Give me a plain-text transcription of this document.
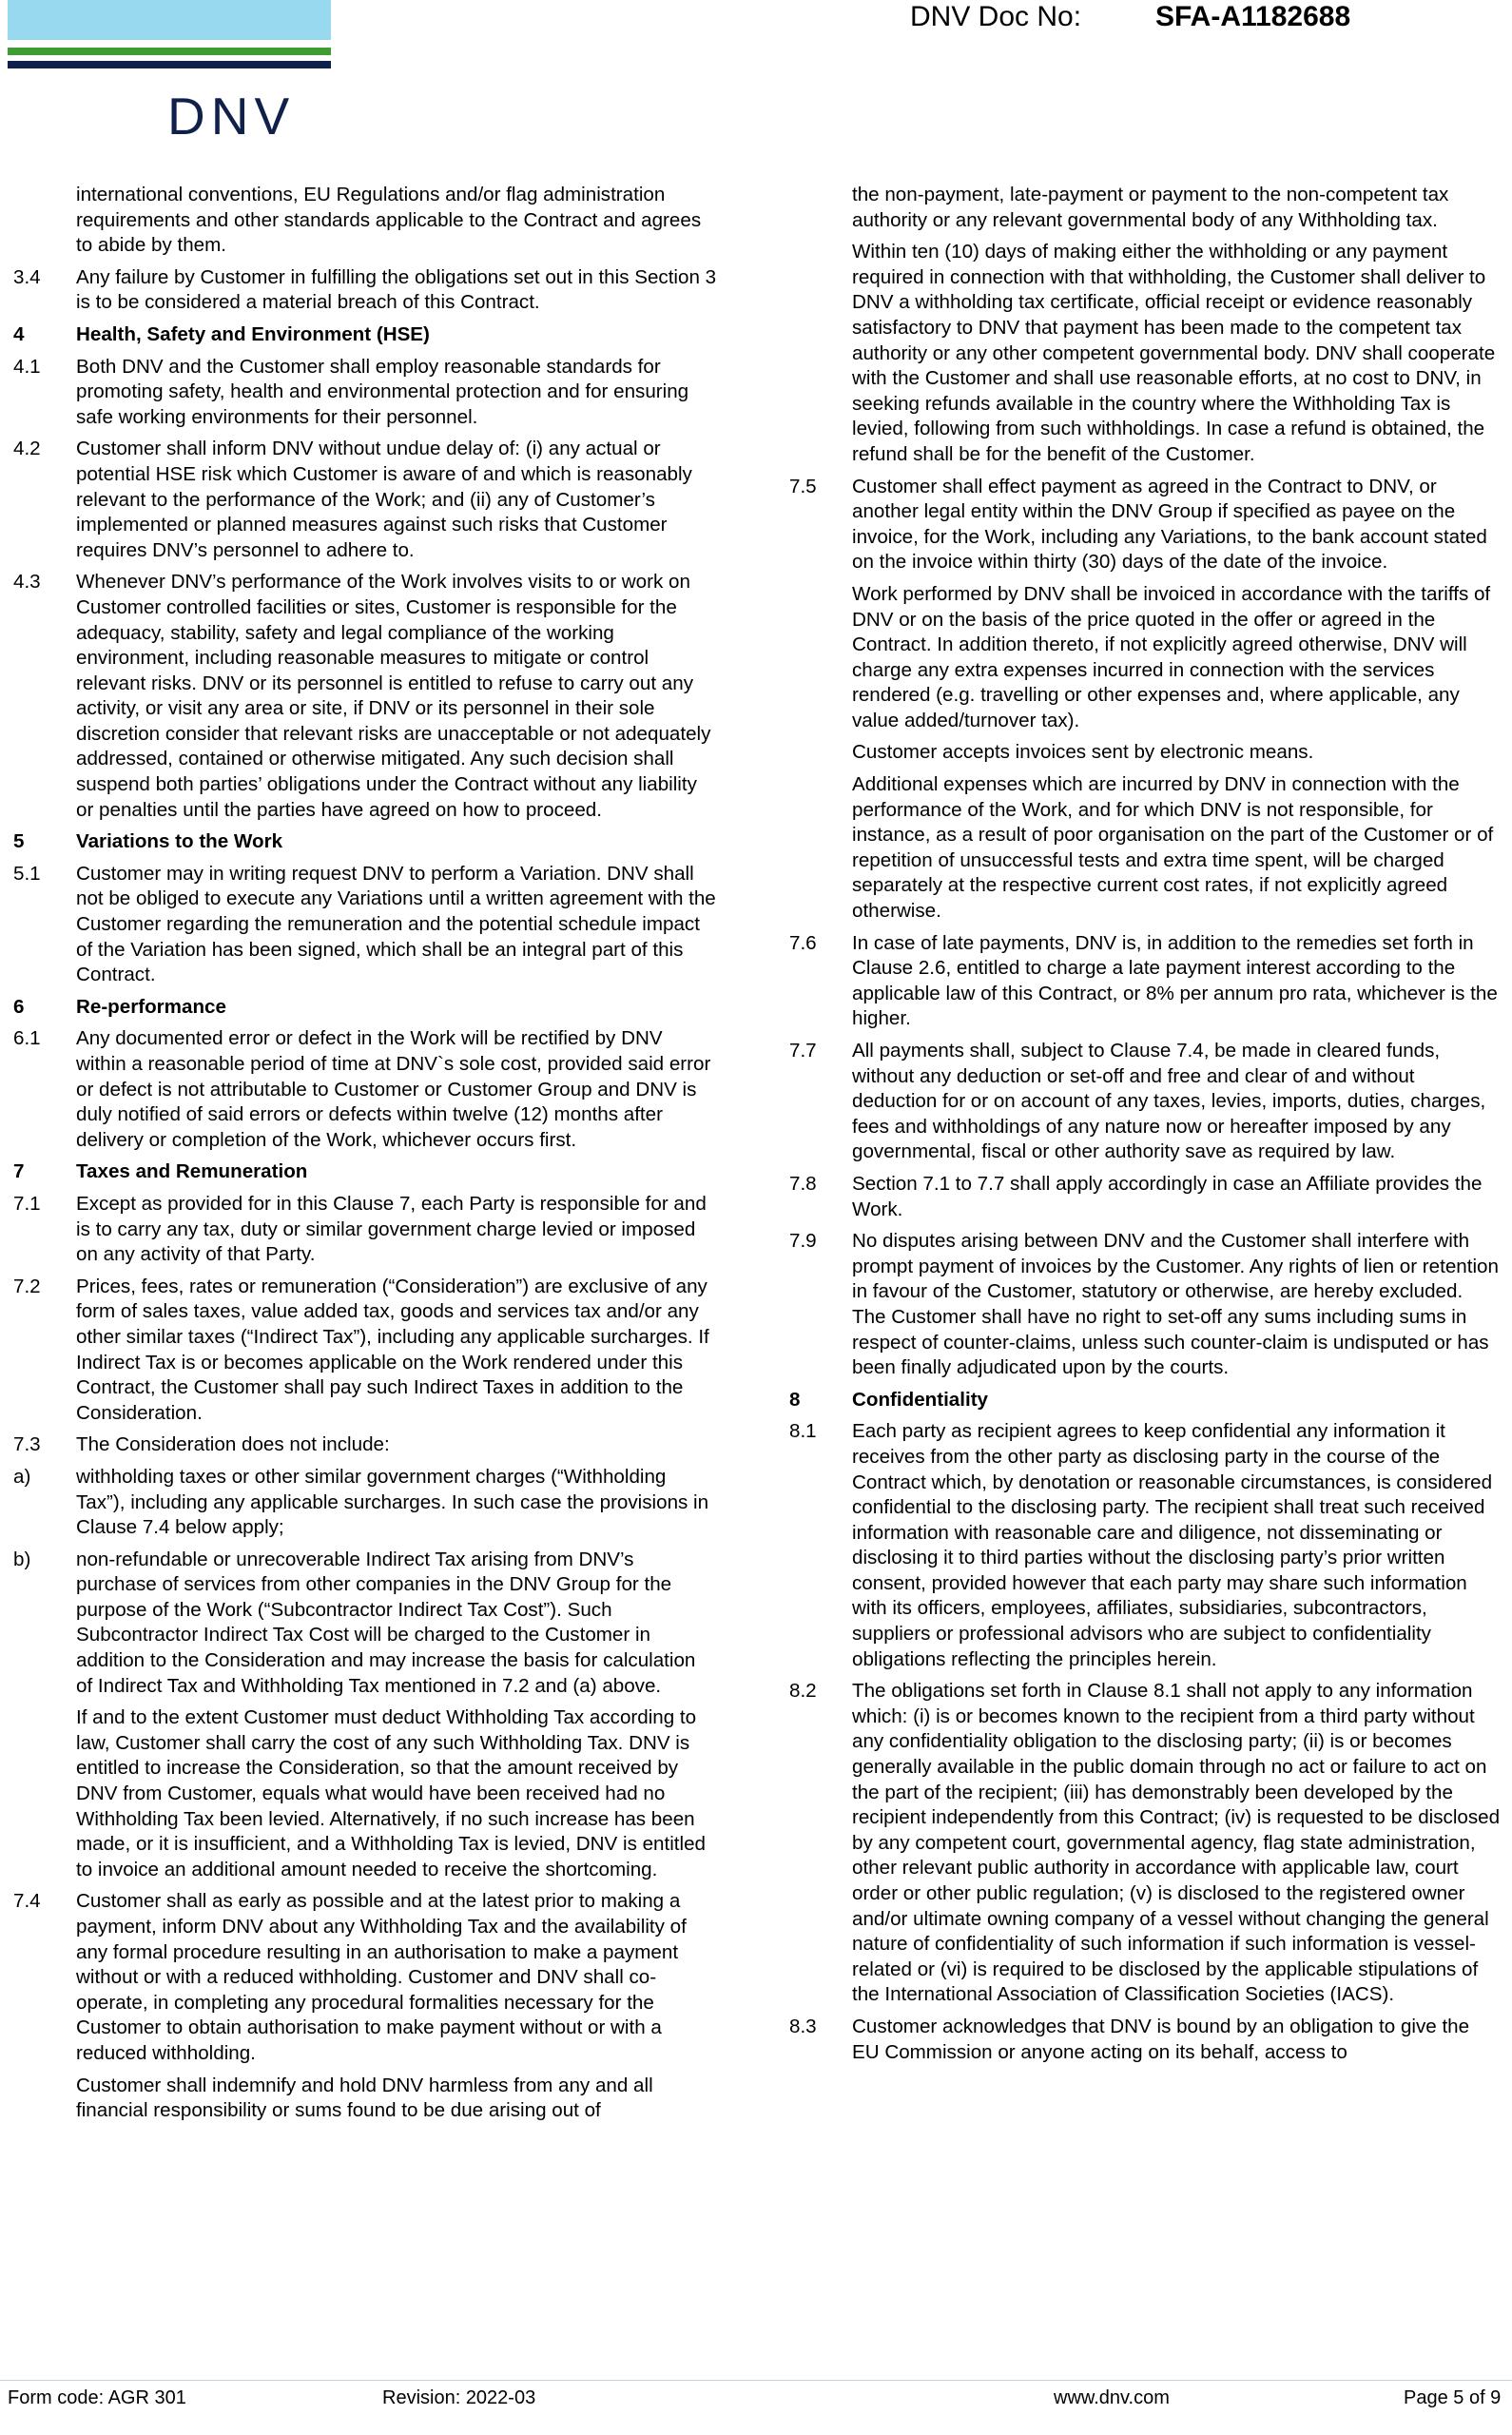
DNV
DNV Doc No:	SFA-A1182688
international conventions, EU Regulations and/or flag administration requirements and other standards applicable to the Contract and agrees to abide by them.
3.4 Any failure by Customer in fulfilling the obligations set out in this Section 3 is to be considered a material breach of this Contract.
4	Health, Safety and Environment (HSE)
4.1 Both DNV and the Customer shall employ reasonable standards for promoting safety, health and environmental protection and for ensuring safe working environments for their personnel.
4.2 Customer shall inform DNV without undue delay of: (i) any actual or potential HSE risk which Customer is aware of and which is reasonably relevant to the performance of the Work; and (ii) any of Customer’s implemented or planned measures against such risks that Customer requires DNV’s personnel to adhere to.
4.3 Whenever DNV’s performance of the Work involves visits to or work on Customer controlled facilities or sites, Customer is responsible for the adequacy, stability, safety and legal compliance of the working environment, including reasonable measures to mitigate or control relevant risks. DNV or its personnel is entitled to refuse to carry out any activity, or visit any area or site, if DNV or its personnel in their sole discretion consider that relevant risks are unacceptable or not adequately addressed, contained or otherwise mitigated. Any such decision shall suspend both parties’ obligations under the Contract without any liability or penalties until the parties have agreed on how to proceed.
5	Variations to the Work
5.1 Customer may in writing request DNV to perform a Variation. DNV shall not be obliged to execute any Variations until a written agreement with the Customer regarding the remuneration and the potential schedule impact of the Variation has been signed, which shall be an integral part of this Contract.
6	Re-performance
6.1 Any documented error or defect in the Work will be rectified by DNV within a reasonable period of time at DNV`s sole cost, provided said error or defect is not attributable to Customer or Customer Group and DNV is duly notified of said errors or defects within twelve (12) months after delivery or completion of the Work, whichever occurs first.
7	Taxes and Remuneration
7.1 Except as provided for in this Clause 7, each Party is responsible for and is to carry any tax, duty or similar government charge levied or imposed on any activity of that Party.
7.2 Prices, fees, rates or remuneration (“Consideration”) are exclusive of any form of sales taxes, value added tax, goods and services tax and/or any other similar taxes (“Indirect Tax”), including any applicable surcharges. If Indirect Tax is or becomes applicable on the Work rendered under this Contract, the Customer shall pay such Indirect Taxes in addition to the Consideration.
7.3 The Consideration does not include:
a) withholding taxes or other similar government charges (“Withholding Tax”), including any applicable surcharges. In such case the provisions in Clause 7.4 below apply;
b) non-refundable or unrecoverable Indirect Tax arising from DNV’s purchase of services from other companies in the DNV Group for the purpose of the Work (“Subcontractor Indirect Tax Cost”). Such Subcontractor Indirect Tax Cost will be charged to the Customer in addition to the Consideration and may increase the basis for calculation of Indirect Tax and Withholding Tax mentioned in 7.2 and (a) above.
If and to the extent Customer must deduct Withholding Tax according to law, Customer shall carry the cost of any such Withholding Tax. DNV is entitled to increase the Consideration, so that the amount received by DNV from Customer, equals what would have been received had no Withholding Tax been levied. Alternatively, if no such increase has been made, or it is insufficient, and a Withholding Tax is levied, DNV is entitled to invoice an additional amount needed to receive the shortcoming.
7.4 Customer shall as early as possible and at the latest prior to making a payment, inform DNV about any Withholding Tax and the availability of any formal procedure resulting in an authorisation to make a payment without or with a reduced withholding. Customer and DNV shall co-operate, in completing any procedural formalities necessary for the Customer to obtain authorisation to make payment without or with a reduced withholding.
Customer shall indemnify and hold DNV harmless from any and all financial responsibility or sums found to be due arising out of
the non-payment, late-payment or payment to the non-competent tax authority or any relevant governmental body of any Withholding tax.
Within ten (10) days of making either the withholding or any payment required in connection with that withholding, the Customer shall deliver to DNV a withholding tax certificate, official receipt or evidence reasonably satisfactory to DNV that payment has been made to the competent tax authority or any other competent governmental body. DNV shall cooperate with the Customer and shall use reasonable efforts, at no cost to DNV, in seeking refunds available in the country where the Withholding Tax is levied, following from such withholdings. In case a refund is obtained, the refund shall be for the benefit of the Customer.
7.5 Customer shall effect payment as agreed in the Contract to DNV, or another legal entity within the DNV Group if specified as payee on the invoice, for the Work, including any Variations, to the bank account stated on the invoice within thirty (30) days of the date of the invoice.
Work performed by DNV shall be invoiced in accordance with the tariffs of DNV or on the basis of the price quoted in the offer or agreed in the Contract. In addition thereto, if not explicitly agreed otherwise, DNV will charge any extra expenses incurred in connection with the services rendered (e.g. travelling or other expenses and, where applicable, any value added/turnover tax).
Customer accepts invoices sent by electronic means.
Additional expenses which are incurred by DNV in connection with the performance of the Work, and for which DNV is not responsible, for instance, as a result of poor organisation on the part of the Customer or of repetition of unsuccessful tests and extra time spent, will be charged separately at the respective current cost rates, if not explicitly agreed otherwise.
7.6 In case of late payments, DNV is, in addition to the remedies set forth in Clause 2.6, entitled to charge a late payment interest according to the applicable law of this Contract, or 8% per annum pro rata, whichever is the higher.
7.7 All payments shall, subject to Clause 7.4, be made in cleared funds, without any deduction or set-off and free and clear of and without deduction for or on account of any taxes, levies, imports, duties, charges, fees and withholdings of any nature now or hereafter imposed by any governmental, fiscal or other authority save as required by law.
7.8 Section 7.1 to 7.7 shall apply accordingly in case an Affiliate provides the Work.
7.9 No disputes arising between DNV and the Customer shall interfere with prompt payment of invoices by the Customer. Any rights of lien or retention in favour of the Customer, statutory or otherwise, are hereby excluded. The Customer shall have no right to set-off any sums including sums in respect of counter-claims, unless such counter-claim is undisputed or has been finally adjudicated upon by the courts.
8	Confidentiality
8.1 Each party as recipient agrees to keep confidential any information it receives from the other party as disclosing party in the course of the Contract which, by denotation or reasonable circumstances, is considered confidential to the disclosing party. The recipient shall treat such received information with reasonable care and diligence, not disseminating or disclosing it to third parties without the disclosing party’s prior written consent, provided however that each party may share such information with its officers, employees, affiliates, subsidiaries, subcontractors, suppliers or professional advisors who are subject to confidentiality obligations reflecting the principles herein.
8.2 The obligations set forth in Clause 8.1 shall not apply to any information which: (i) is or becomes known to the recipient from a third party without any confidentiality obligation to the disclosing party; (ii) is or becomes generally available in the public domain through no act or failure to act on the part of the recipient; (iii) has demonstrably been developed by the recipient independently from this Contract; (iv) is requested to be disclosed by any competent court, governmental agency, flag state administration, other relevant public authority in accordance with applicable law, court order or other public regulation; (v) is disclosed to the registered owner and/or ultimate owning company of a vessel without changing the general nature of confidentiality of such information if such information is vessel-related or (vi) is required to be disclosed by the applicable stipulations of the International Association of Classification Societies (IACS).
8.3 Customer acknowledges that DNV is bound by an obligation to give the EU Commission or anyone acting on its behalf, access to
Form code: AGR 301	Revision: 2022-03	www.dnv.com	Page 5 of 9
